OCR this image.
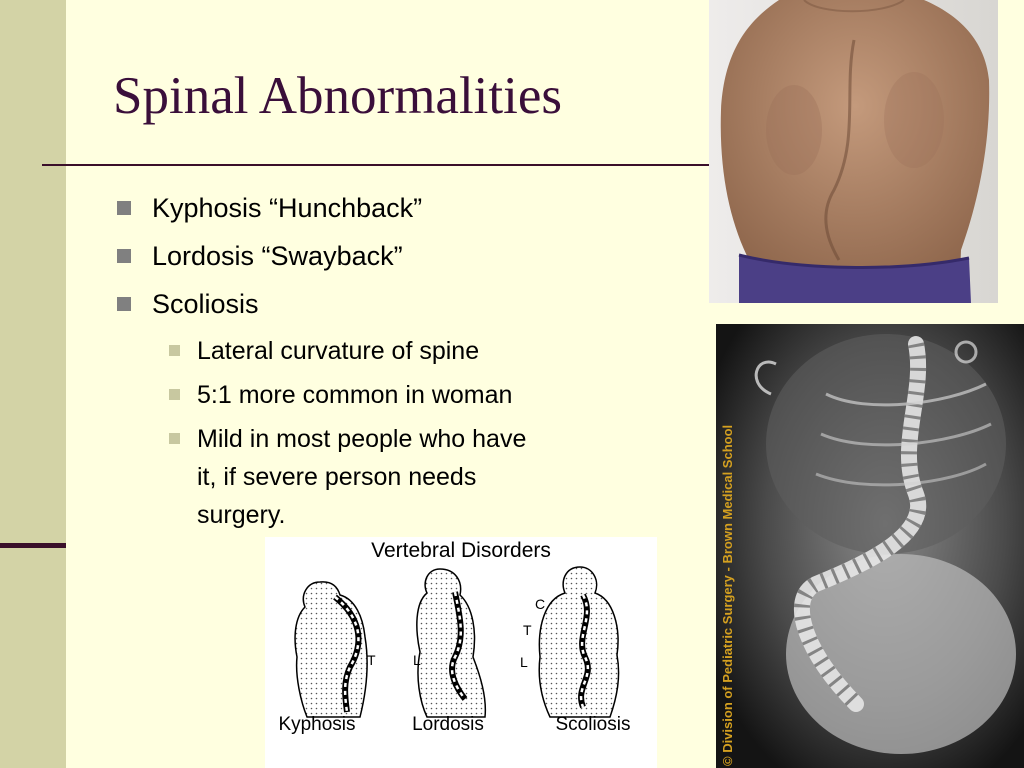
Spinal Abnormalities
Kyphosis “Hunchback”
Lordosis “Swayback”
Scoliosis
Lateral curvature of spine
5:1 more common in woman
Mild in most people who have it, if severe person needs surgery.	© Division of Pediatric Surgery - Brown Medical School
Vertebral Disorders
T	L
C
T
L
Kyphosis	Lordosis	Scoliosis
